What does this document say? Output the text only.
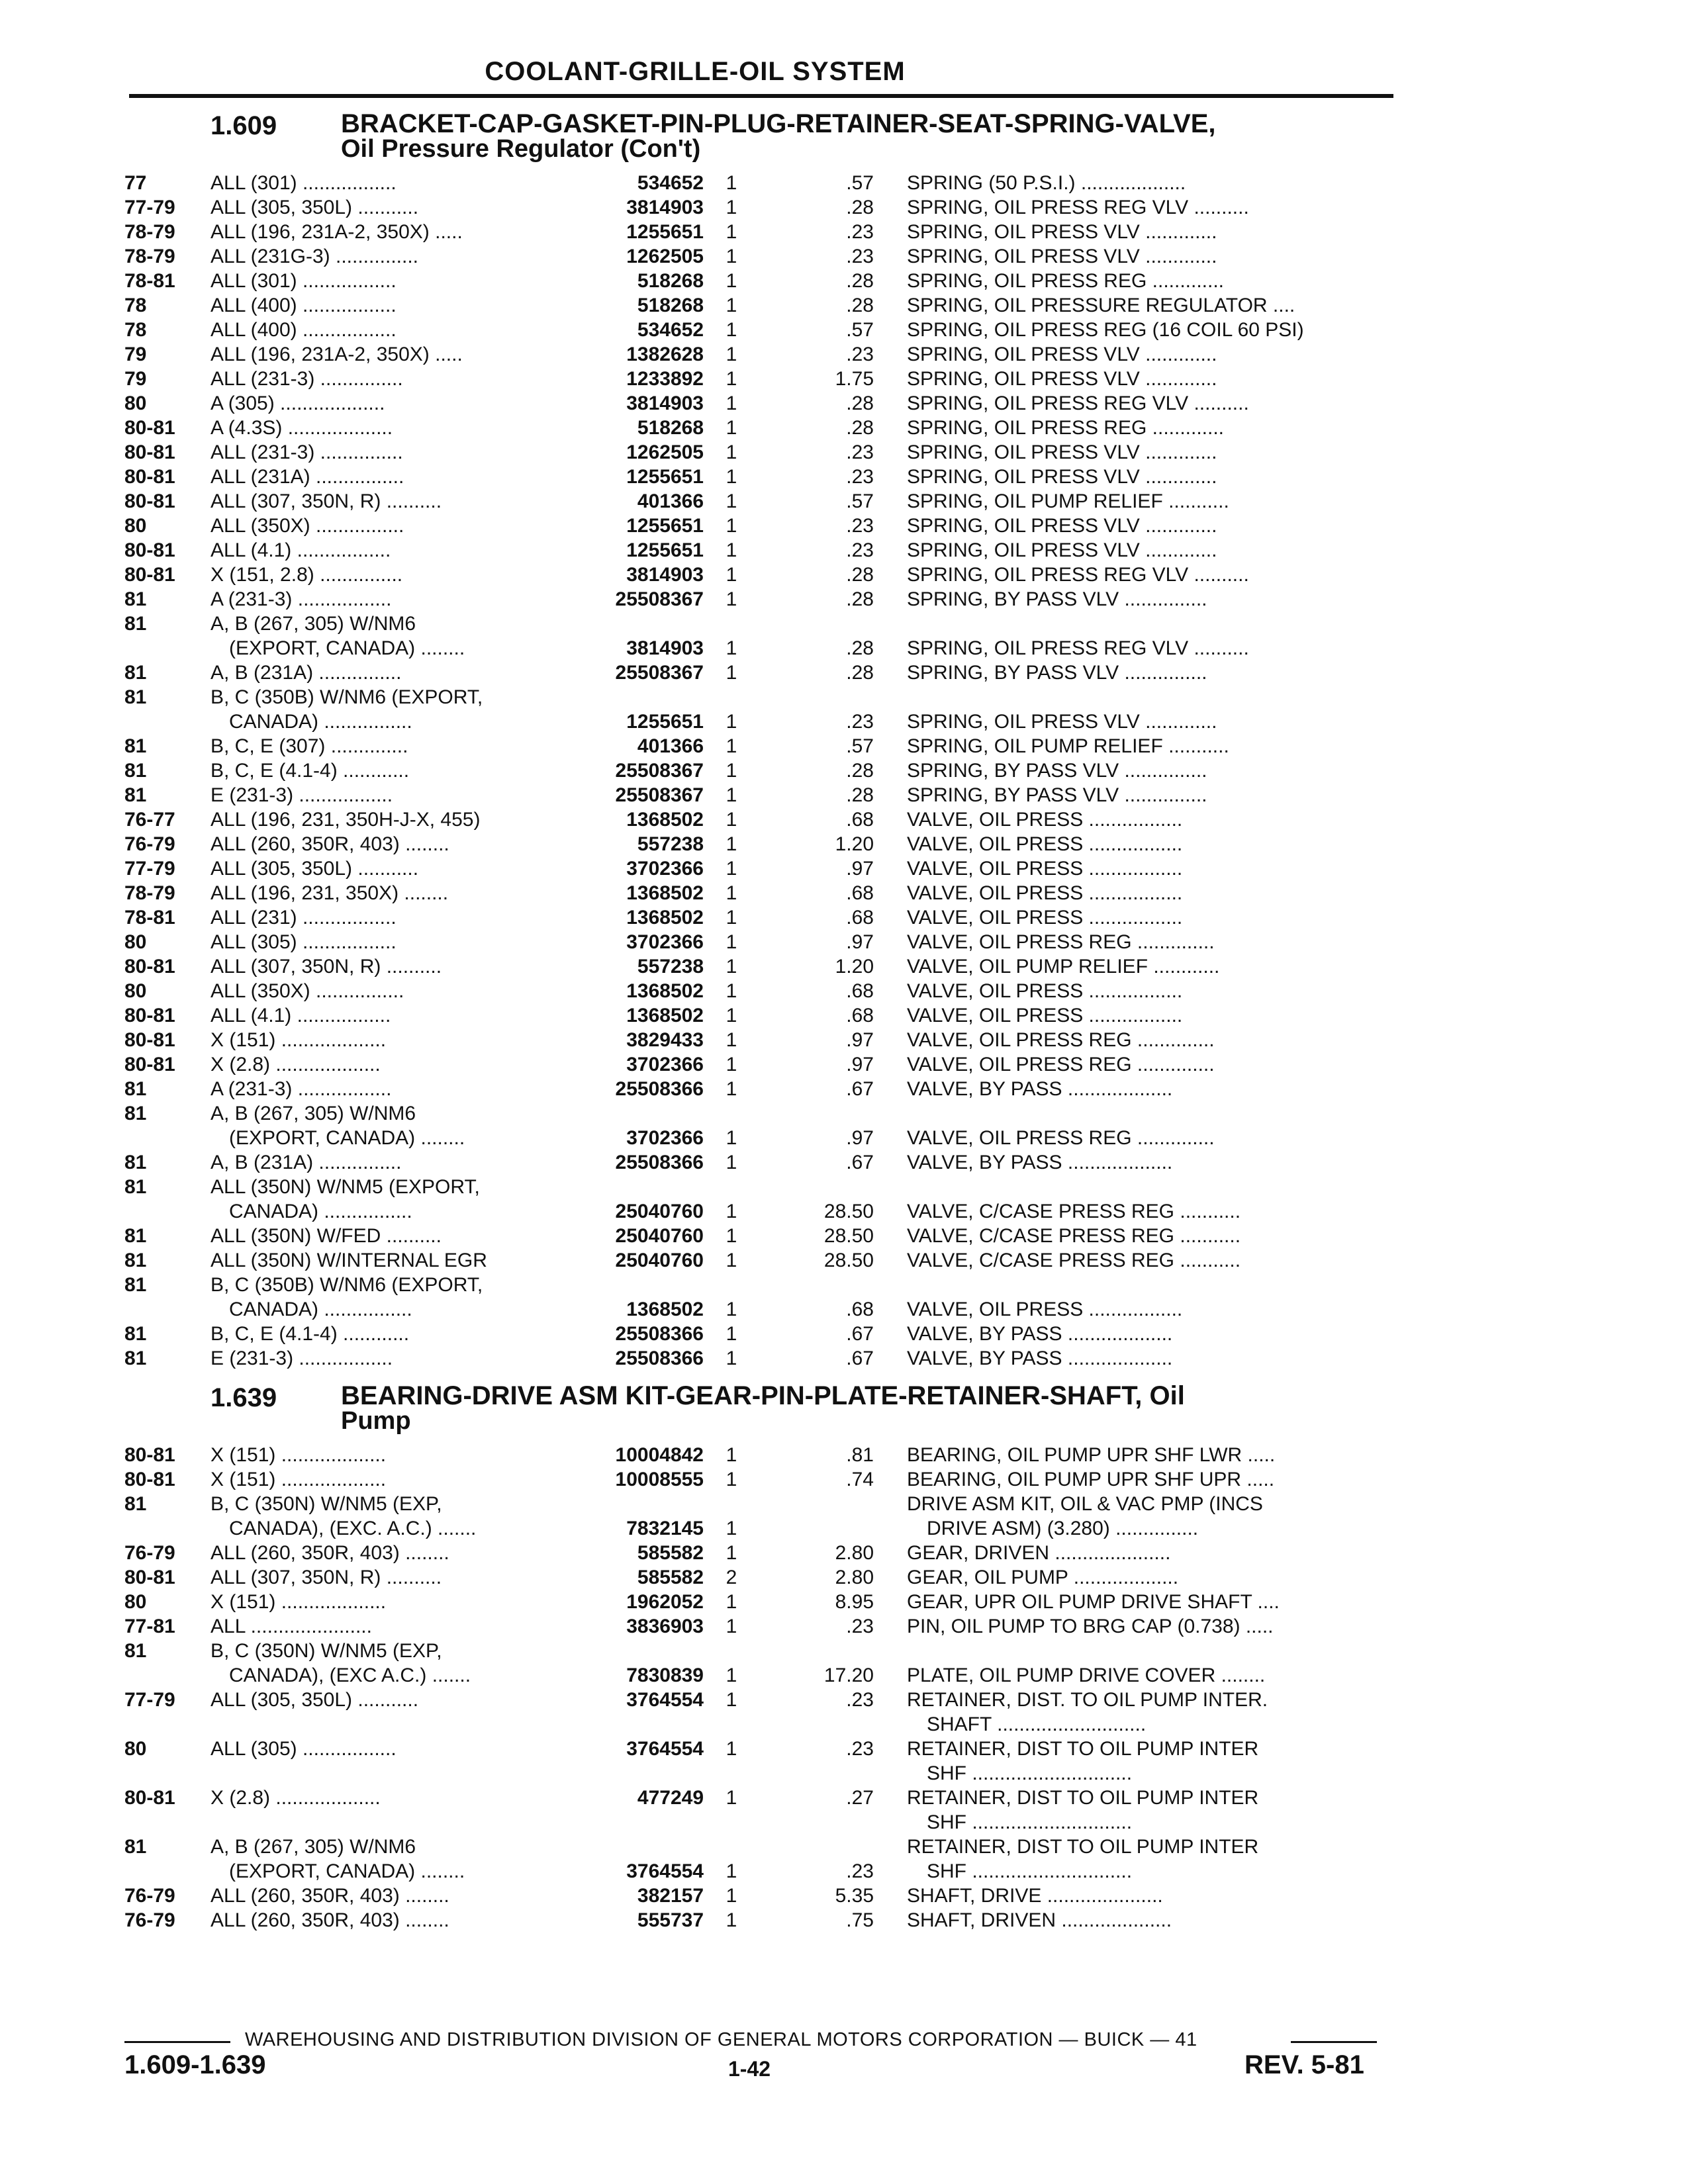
COOLANT-GRILLE-OIL SYSTEM
1.609 BRACKET-CAP-GASKET-PIN-PLUG-RETAINER-SEAT-SPRING-VALVE,
Oil Pressure Regulator (Con't)
77	ALL (301) .................	534652	1	.57 SPRING (50 P.S.I.) ...................
77-79 ALL (305, 350L) ...........	3814903	1	.28 SPRING, OIL PRESS REG VLV ..........
78-79 ALL (196, 231A-2, 350X) .....	1255651	1	.23 SPRING, OIL PRESS VLV .............
78-79 ALL (231G-3) ...............	1262505	1	.23 SPRING, OIL PRESS VLV .............
78-81 ALL (301) .................	518268	1	.28 SPRING, OIL PRESS REG .............
78	ALL (400) .................	518268	1	.28 SPRING, OIL PRESSURE REGULATOR ....
78	ALL (400) .................	534652	1	.57 SPRING, OIL PRESS REG (16 COIL 60 PSI)
79	ALL (196, 231A-2, 350X) .....	1382628	1	.23 SPRING, OIL PRESS VLV .............
79	ALL (231-3) ...............	1233892	1	1.75 SPRING, OIL PRESS VLV .............
80	A (305) ...................	3814903	1	.28 SPRING, OIL PRESS REG VLV ..........
80-81 A (4.3S) ...................	518268	1	.28 SPRING, OIL PRESS REG .............
80-81 ALL (231-3) ...............	1262505	1	.23 SPRING, OIL PRESS VLV .............
80-81 ALL (231A) ................	1255651	1	.23 SPRING, OIL PRESS VLV .............
80-81 ALL (307, 350N, R) ..........	401366	1	.57 SPRING, OIL PUMP RELIEF ...........
80	ALL (350X) ................	1255651	1	.23 SPRING, OIL PRESS VLV .............
80-81 ALL (4.1) .................	1255651	1	.23 SPRING, OIL PRESS VLV .............
80-81 X (151, 2.8) ...............	3814903	1	.28 SPRING, OIL PRESS REG VLV ..........
81	A (231-3) .................	25508367	1	.28 SPRING, BY PASS VLV ...............
81	A, B (267, 305) W/NM6
(EXPORT, CANADA) ........	3814903	1	.28 SPRING, OIL PRESS REG VLV ..........
81	A, B (231A) ...............	25508367	1	.28 SPRING, BY PASS VLV ...............
81	B, C (350B) W/NM6 (EXPORT,
CANADA) ................	1255651	1	.23 SPRING, OIL PRESS VLV .............
81	B, C, E (307) ..............	401366	1	.57 SPRING, OIL PUMP RELIEF ...........
81	B, C, E (4.1-4) ............	25508367	1	.28 SPRING, BY PASS VLV ...............
81	E (231-3) .................	25508367	1	.28 SPRING, BY PASS VLV ...............
76-77 ALL (196, 231, 350H-J-X, 455)	1368502	1	.68 VALVE, OIL PRESS .................
76-79 ALL (260, 350R, 403) ........	557238	1	1.20 VALVE, OIL PRESS .................
77-79 ALL (305, 350L) ...........	3702366	1	.97 VALVE, OIL PRESS .................
78-79 ALL (196, 231, 350X) ........	1368502	1	.68 VALVE, OIL PRESS .................
78-81 ALL (231) .................	1368502	1	.68 VALVE, OIL PRESS .................
80	ALL (305) .................	3702366	1	.97 VALVE, OIL PRESS REG ..............
80-81 ALL (307, 350N, R) ..........	557238	1	1.20 VALVE, OIL PUMP RELIEF ............
80	ALL (350X) ................	1368502	1	.68 VALVE, OIL PRESS .................
80-81 ALL (4.1) .................	1368502	1	.68 VALVE, OIL PRESS .................
80-81 X (151) ...................	3829433	1	.97 VALVE, OIL PRESS REG ..............
80-81 X (2.8) ...................	3702366	1	.97 VALVE, OIL PRESS REG ..............
81	A (231-3) .................	25508366	1	.67 VALVE, BY PASS ...................
81	A, B (267, 305) W/NM6
(EXPORT, CANADA) ........	3702366	1	.97 VALVE, OIL PRESS REG ..............
81	A, B (231A) ...............	25508366	1	.67 VALVE, BY PASS ...................
81	ALL (350N) W/NM5 (EXPORT,
CANADA) ................	25040760	1	28.50 VALVE, C/CASE PRESS REG ...........
81	ALL (350N) W/FED ..........	25040760	1	28.50 VALVE, C/CASE PRESS REG ...........
81	ALL (350N) W/INTERNAL EGR	25040760	1	28.50 VALVE, C/CASE PRESS REG ...........
81	B, C (350B) W/NM6 (EXPORT,
CANADA) ................	1368502	1	.68 VALVE, OIL PRESS .................
81	B, C, E (4.1-4) ............	25508366	1	.67 VALVE, BY PASS ...................
81	E (231-3) .................	25508366	1	.67 VALVE, BY PASS ...................
1.639 BEARING-DRIVE ASM KIT-GEAR-PIN-PLATE-RETAINER-SHAFT, Oil
Pump
80-81 X (151) ...................	10004842	1	.81 BEARING, OIL PUMP UPR SHF LWR .....
80-81 X (151) ...................	10008555	1	.74 BEARING, OIL PUMP UPR SHF UPR .....
81	B, C (350N) W/NM5 (EXP,
CANADA), (EXC. A.C.) .......	7832145	1
DRIVE ASM KIT, OIL & VAC PMP (INCS
DRIVE ASM) (3.280) ...............
76-79 ALL (260, 350R, 403) ........	585582	1	2.80 GEAR, DRIVEN .....................
80-81 ALL (307, 350N, R) ..........	585582	2	2.80 GEAR, OIL PUMP ...................
80	X (151) ...................	1962052	1	8.95 GEAR, UPR OIL PUMP DRIVE SHAFT ....
77-81 ALL ......................	3836903	1	.23 PIN, OIL PUMP TO BRG CAP (0.738) .....
81	B, C (350N) W/NM5 (EXP,
CANADA), (EXC A.C.) .......	7830839	1	17.20 PLATE, OIL PUMP DRIVE COVER ........
77-79 ALL (305, 350L) ...........	3764554	1	.23 RETAINER, DIST. TO OIL PUMP INTER.
SHAFT ...........................
80	ALL (305) .................	3764554	1	.23 RETAINER, DIST TO OIL PUMP INTER
SHF .............................
80-81 X (2.8) ...................	477249	1	.27 RETAINER, DIST TO OIL PUMP INTER
SHF .............................
81	A, B (267, 305) W/NM6
(EXPORT, CANADA) ........	3764554	1	.23
RETAINER, DIST TO OIL PUMP INTER
SHF .............................
76-79 ALL (260, 350R, 403) ........	382157	1	5.35 SHAFT, DRIVE .....................
76-79 ALL (260, 350R, 403) ........	555737	1	.75 SHAFT, DRIVEN ....................
WAREHOUSING AND DISTRIBUTION DIVISION OF GENERAL MOTORS CORPORATION — BUICK — 41
1.609-1.639	1-42	REV. 5-81
